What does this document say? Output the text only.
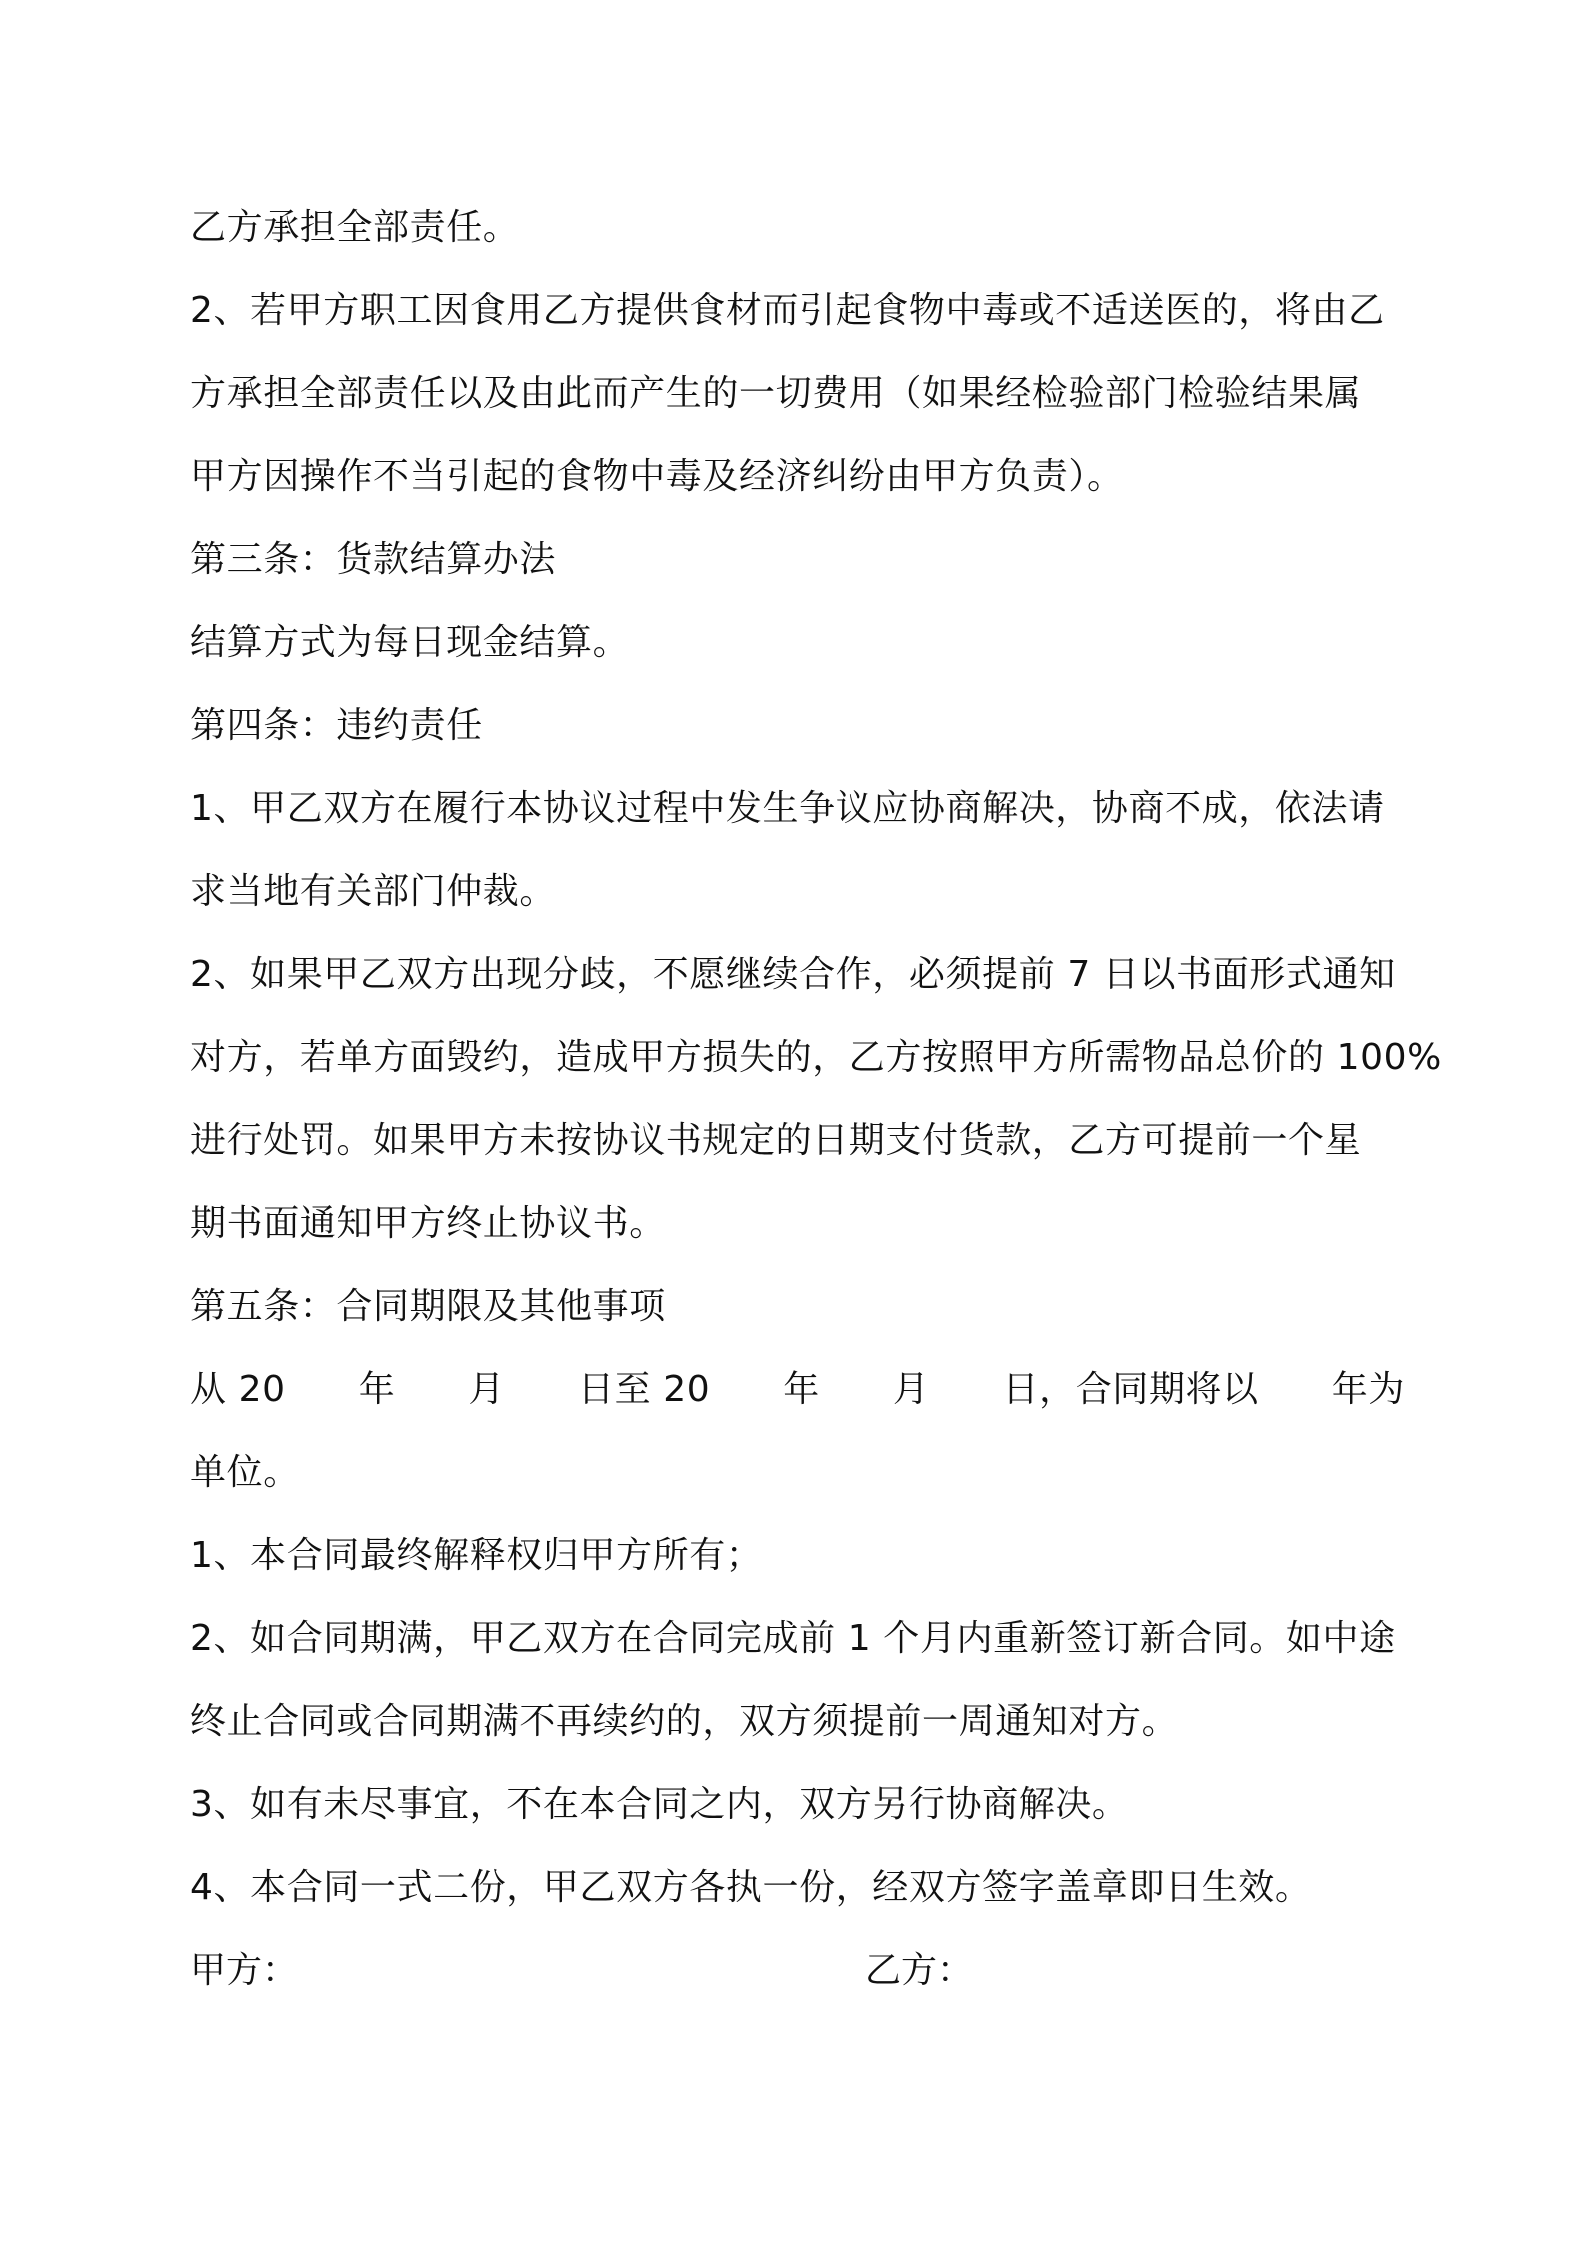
乙方承担全部责任。
2、若甲方职工因食用乙方提供食材而引起食物中毒或不适送医的，将由乙
方承担全部责任以及由此而产生的一切费用（如果经检验部门检验结果属
甲方因操作不当引起的食物中毒及经济纠纷由甲方负责）。
第三条：货款结算办法
结算方式为每日现金结算。
第四条：违约责任
1、甲乙双方在履行本协议过程中发生争议应协商解决，协商不成，依法请
求当地有关部门仲裁。
2、如果甲乙双方出现分歧，不愿继续合作，必须提前 7 日以书面形式通知
对方，若单方面毁约，造成甲方损失的，乙方按照甲方所需物品总价的 100%
进行处罚。如果甲方未按协议书规定的日期支付货款，乙方可提前一个星
期书面通知甲方终止协议书。
第五条：合同期限及其他事项
从 20 年 月 日至 20 年 月 日，合同期将以 年为
单位。
1、本合同最终解释权归甲方所有；
2、如合同期满，甲乙双方在合同完成前 1 个月内重新签订新合同。如中途
终止合同或合同期满不再续约的，双方须提前一周通知对方。
3、如有未尽事宜，不在本合同之内，双方另行协商解决。
4、本合同一式二份，甲乙双方各执一份，经双方签字盖章即日生效。
甲方：	乙方：
